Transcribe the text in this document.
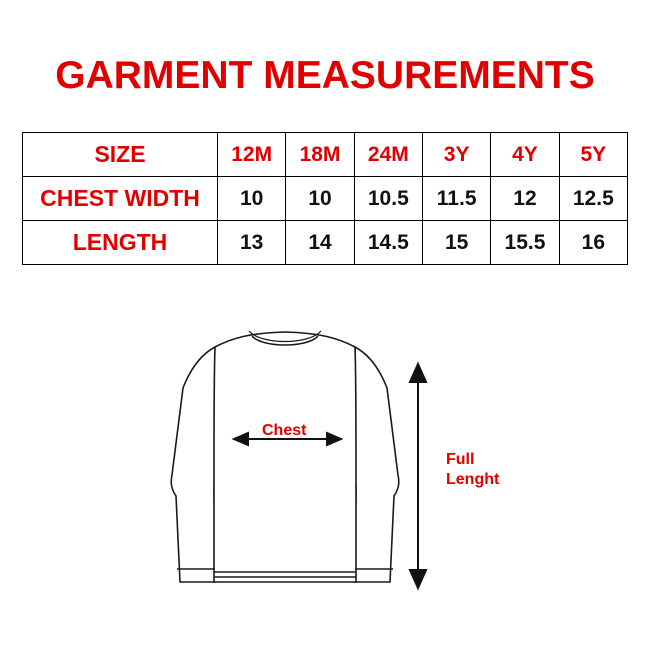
GARMENT MEASUREMENTS
SIZE	12M	18M	24M	3Y	4Y	5Y
CHEST WIDTH	10	10	10.5	11.5	12	12.5
LENGTH	13	14	14.5	15	15.5	16
Chest
Full
Lenght
